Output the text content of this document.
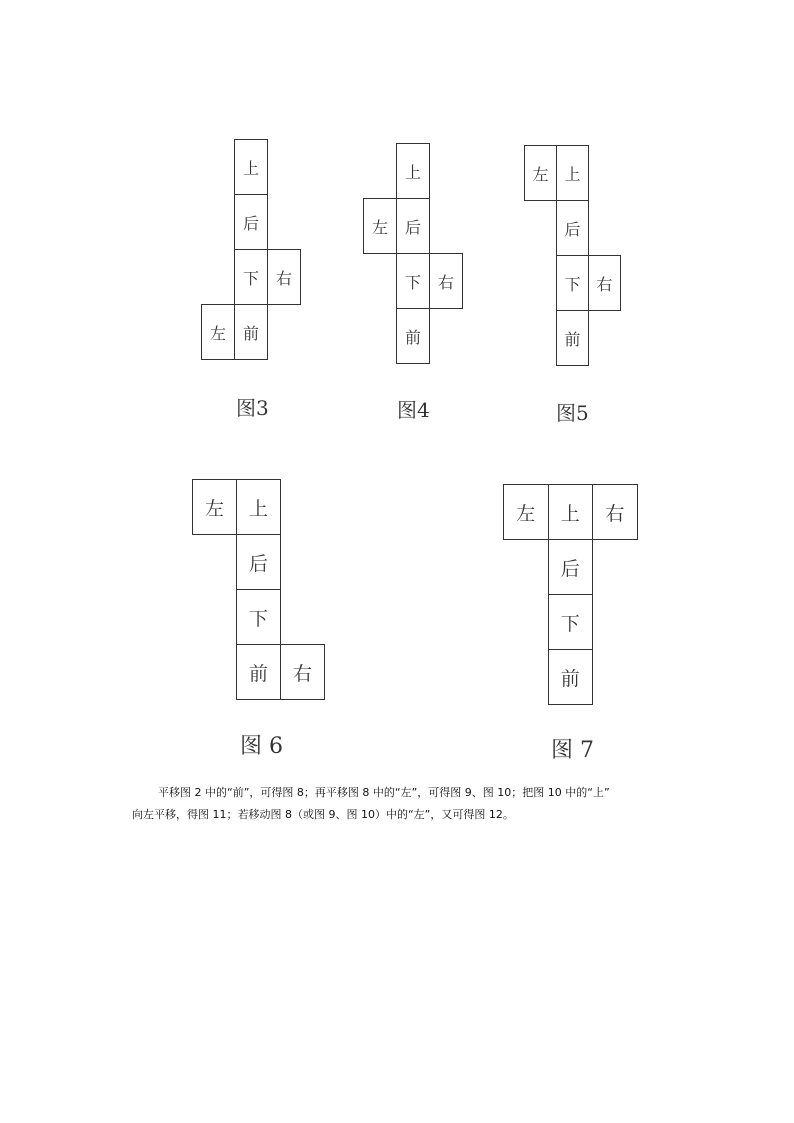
上
后
下	右
左	前
图3
上
左	后
下	右
前
图4
左 上
后
下 右
前
图5
左	上
后
下
前	右
图 6
左	上	右
后
下
前
图 7

平移图 2 中的“前”，可得图 8；再平移图 8 中的“左”，可得图 9、图 10；把图 10 中的“上”

向左平移，得图 11；若移动图 8（或图 9、图 10）中的“左”，又可得图 12。
